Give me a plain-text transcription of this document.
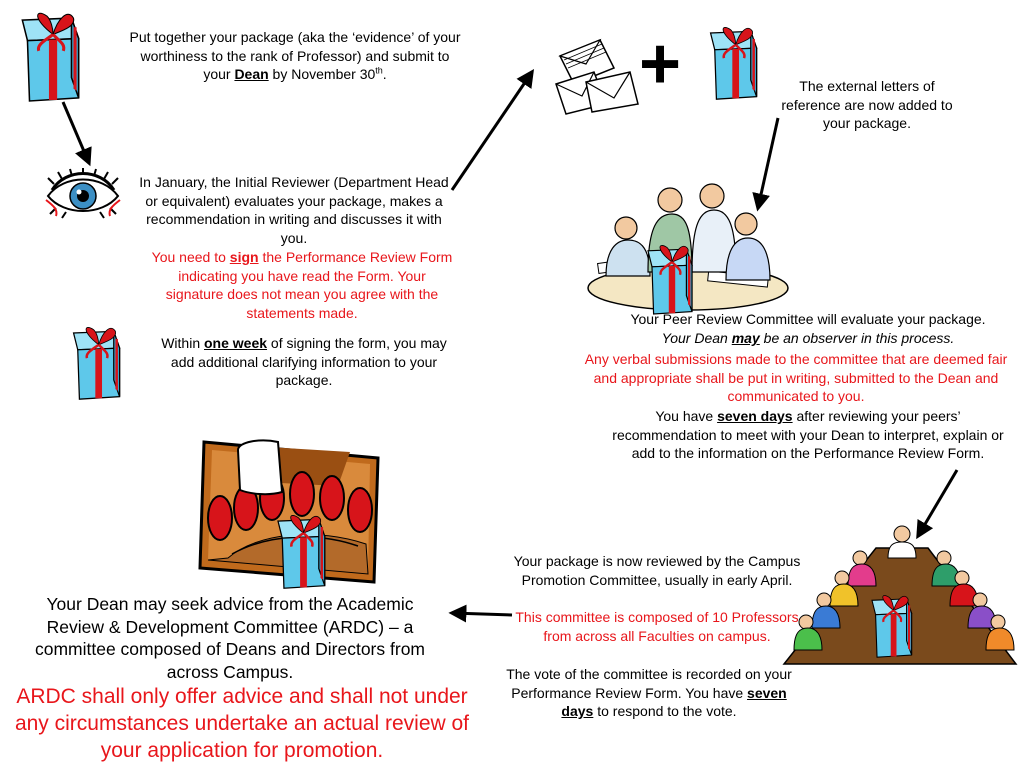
Put together your package (aka the ‘evidence’ of your worthiness to the rank of Professor) and submit to your Dean by November 30th.
In January, the Initial Reviewer (Department Head or equivalent) evaluates your package, makes a recommendation in writing and discusses it with you.
You need to sign the Performance Review Form indicating you have read the Form. Your signature does not mean you agree with the statements made.
Within one week of signing the form, you may add additional clarifying information to your package.
+	The external letters of reference are now added to your package.
Your Peer Review Committee will evaluate your package.
Your Dean may be an observer in this process.
Any verbal submissions made to the committee that are deemed fair and appropriate shall be put in writing, submitted to the Dean and communicated to you.
You have seven days after reviewing your peers’ recommendation to meet with your Dean to interpret, explain or add to the information on the Performance Review Form.
Your package is now reviewed by the Campus Promotion Committee, usually in early April.
This committee is composed of 10 Professors from across all Faculties on campus.
The vote of the committee is recorded on your Performance Review Form. You have seven days to respond to the vote.
Your Dean may seek advice from the Academic Review & Development Committee (ARDC) – a committee composed of Deans and Directors from across Campus.
ARDC shall only offer advice and shall not under any circumstances undertake an actual review of your application for promotion.
